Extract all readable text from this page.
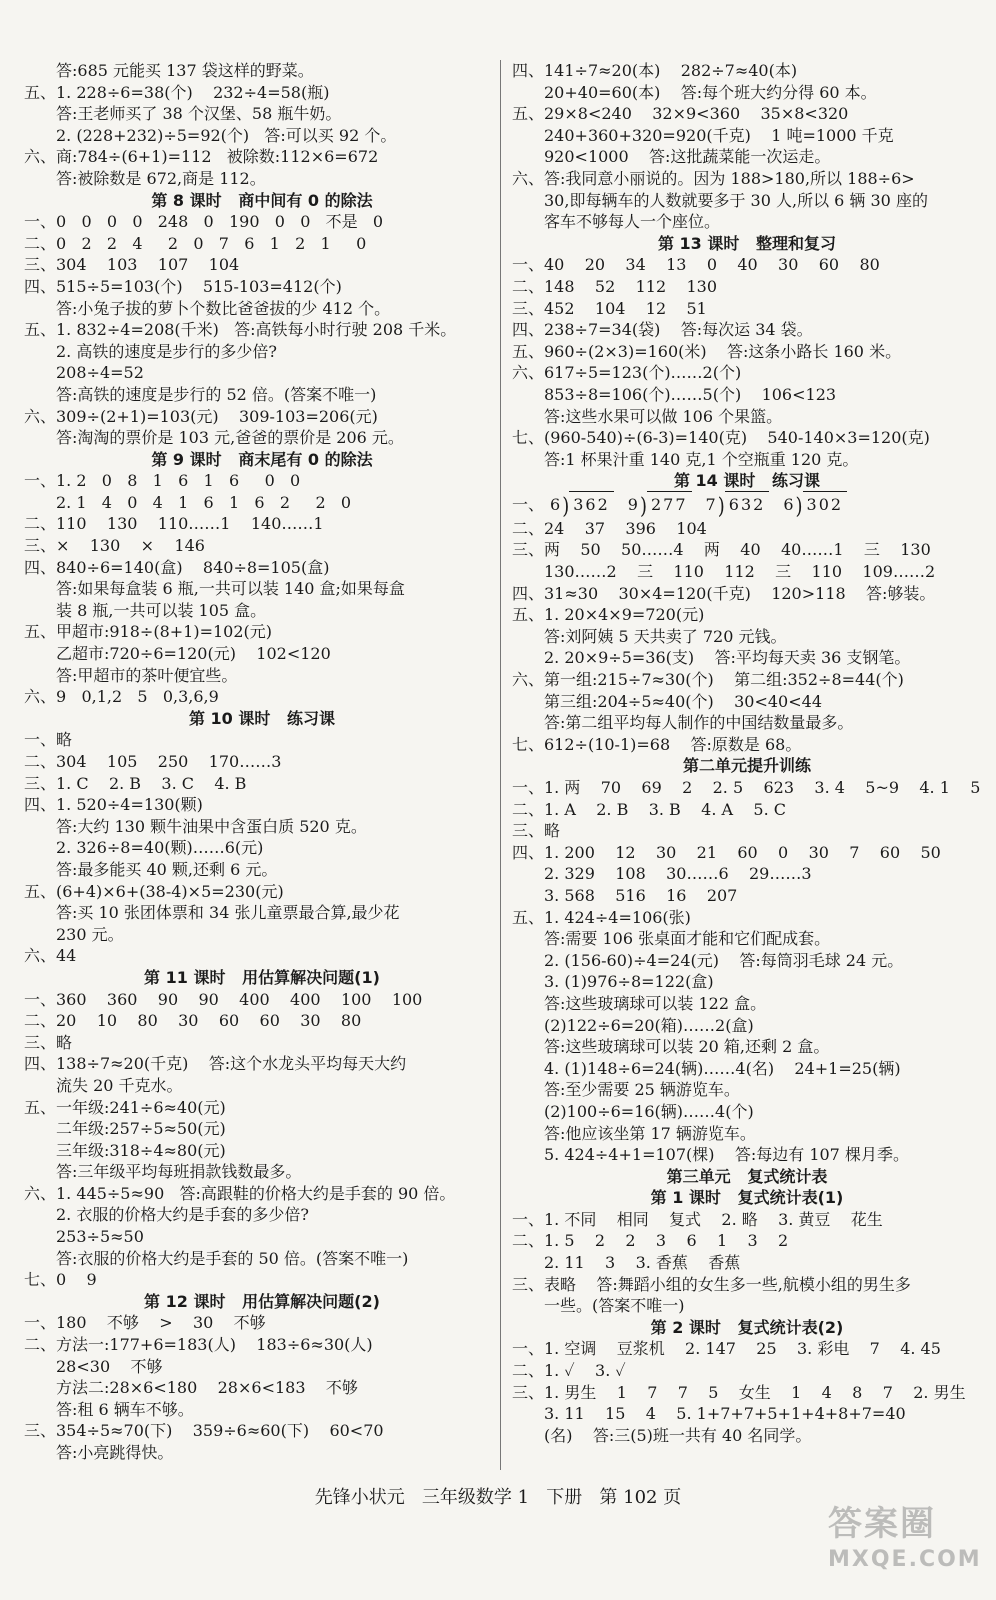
答:685 元能买 137 袋这样的野菜。
五、1. 228÷6=38(个)    232÷4=58(瓶)
答:王老师买了 38 个汉堡、58 瓶牛奶。
2. (228+232)÷5=92(个)   答:可以买 92 个。
六、商:784÷(6+1)=112   被除数:112×6=672
答:被除数是 672,商是 112。
第 8 课时   商中间有 0 的除法
一、0   0   0   0   248   0   190   0   0   不是   0
二、0   2   2   4     2   0   7   6   1   2   1     0
三、304    103    107    104
四、515÷5=103(个)    515-103=412(个)
答:小兔子拔的萝卜个数比爸爸拔的少 412 个。
五、1. 832÷4=208(千米)   答:高铁每小时行驶 208 千米。
2. 高铁的速度是步行的多少倍?
208÷4=52
答:高铁的速度是步行的 52 倍。(答案不唯一)
六、309÷(2+1)=103(元)    309-103=206(元)
答:淘淘的票价是 103 元,爸爸的票价是 206 元。
第 9 课时   商末尾有 0 的除法
一、1. 2   0   8   1   6   1   6     0   0
2. 1   4   0   4   1   6   1   6   2     2   0
二、110    130    110……1    140……1
三、×    130    ×    146
四、840÷6=140(盒)    840÷8=105(盒)
答:如果每盒装 6 瓶,一共可以装 140 盒;如果每盒
装 8 瓶,一共可以装 105 盒。
五、甲超市:918÷(8+1)=102(元)
乙超市:720÷6=120(元)    102<120
答:甲超市的茶叶便宜些。
六、9   0,1,2   5   0,3,6,9
第 10 课时   练习课
一、略
二、304    105    250    170……3
三、1. C    2. B    3. C    4. B
四、1. 520÷4=130(颗)
答:大约 130 颗牛油果中含蛋白质 520 克。
2. 326÷8=40(颗)……6(元)
答:最多能买 40 颗,还剩 6 元。
五、(6+4)×6+(38-4)×5=230(元)
答:买 10 张团体票和 34 张儿童票最合算,最少花
230 元。
六、44
第 11 课时   用估算解决问题(1)
一、360    360    90    90    400    400    100    100
二、20    10    80    30    60    60    30    80
三、略
四、138÷7≈20(千克)    答:这个水龙头平均每天大约
流失 20 千克水。
五、一年级:241÷6≈40(元)
二年级:257÷5≈50(元)
三年级:318÷4≈80(元)
答:三年级平均每班捐款钱数最多。
六、1. 445÷5≈90   答:高跟鞋的价格大约是手套的 90 倍。
2. 衣服的价格大约是手套的多少倍?
253÷5≈50
答:衣服的价格大约是手套的 50 倍。(答案不唯一)
七、0    9
第 12 课时   用估算解决问题(2)
一、180    不够    >    30    不够
二、方法一:177+6=183(人)    183÷6≈30(人)
28<30    不够
方法二:28×6<180    28×6<183    不够
答:租 6 辆车不够。
三、354÷5≈70(下)    359÷6≈60(下)    60<70
答:小亮跳得快。
四、141÷7≈20(本)    282÷7≈40(本)
20+40=60(本)    答:每个班大约分得 60 本。
五、29×8<240    32×9<360    35×8<320
240+360+320=920(千克)    1 吨=1000 千克
920<1000    答:这批蔬菜能一次运走。
六、答:我同意小丽说的。因为 188>180,所以 188÷6>
30,即每辆车的人数就要多于 30 人,所以 6 辆 30 座的
客车不够每人一个座位。
第 13 课时   整理和复习
一、40    20    34    13    0    40    30    60    80
二、148    52    112    130
三、452    104    12    51
四、238÷7=34(袋)    答:每次运 34 袋。
五、960÷(2×3)=160(米)    答:这条小路长 160 米。
六、617÷5=123(个)……2(个)
853÷8=106(个)……5(个)    106<123
答:这些水果可以做 106 个果篮。
七、(960-540)÷(6-3)=140(克)    540-140×3=120(克)
答:1 杯果汁重 140 克,1 个空瓶重 120 克。
第 14 课时   练习课
一、 6 ) 362 9 ) 277 7 ) 632 6 ) 302
二、24    37    396    104
三、两    50    50……4    两    40    40……1    三    130
130……2    三    110    112    三    110    109……2
四、31≈30    30×4=120(千克)    120>118    答:够装。
五、1. 20×4×9=720(元)
答:刘阿姨 5 天共卖了 720 元钱。
2. 20×9÷5=36(支)    答:平均每天卖 36 支钢笔。
六、第一组:215÷7≈30(个)    第二组:352÷8=44(个)
第三组:204÷5≈40(个)    30<40<44
答:第二组平均每人制作的中国结数量最多。
七、612÷(10-1)=68    答:原数是 68。
第二单元提升训练
一、1. 两    70    69    2    2. 5    623    3. 4    5~9    4. 1    5
二、1. A    2. B    3. B    4. A    5. C
三、略
四、1. 200    12    30    21    60    0    30    7    60    50
2. 329    108    30……6    29……3
3. 568    516    16    207
五、1. 424÷4=106(张)
答:需要 106 张桌面才能和它们配成套。
2. (156-60)÷4=24(元)    答:每筒羽毛球 24 元。
3. (1)976÷8=122(盒)
答:这些玻璃球可以装 122 盒。
(2)122÷6=20(箱)……2(盒)
答:这些玻璃球可以装 20 箱,还剩 2 盒。
4. (1)148÷6=24(辆)……4(名)    24+1=25(辆)
答:至少需要 25 辆游览车。
(2)100÷6=16(辆)……4(个)
答:他应该坐第 17 辆游览车。
5. 424÷4+1=107(棵)    答:每边有 107 棵月季。
第三单元   复式统计表
第 1 课时   复式统计表(1)
一、1. 不同    相同    复式    2. 略    3. 黄豆    花生
二、1. 5    2    2    3    6    1    3    2
2. 11    3    3. 香蕉    香蕉
三、表略    答:舞蹈小组的女生多一些,航模小组的男生多
一些。(答案不唯一)
第 2 课时   复式统计表(2)
一、1. 空调    豆浆机    2. 147    25    3. 彩电    7    4. 45
二、1. ✓    3. ✓
三、1. 男生    1    7    7    5    女生    1    4    8    7    2. 男生
3. 11    15    4    5. 1+7+7+5+1+4+8+7=40
(名)    答:三(5)班一共有 40 名同学。
先锋小状元   三年级数学 1   下册   第 102 页
答案圈
MXQE.COM
